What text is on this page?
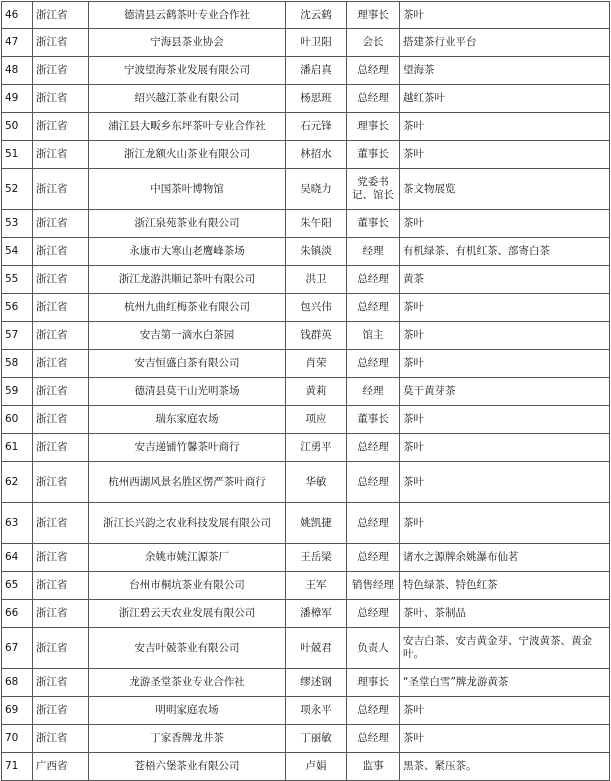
46	浙江省	德清县云鹤茶叶专业合作社	沈云鹤	理事长	茶叶
47	浙江省	宁海县茶业协会	叶卫阳	会长	搭建茶行业平台
48	浙江省	宁波望海茶业发展有限公司	潘启真	总经理	望海茶
49	浙江省	绍兴越江茶业有限公司	杨思班	总经理	越红茶叶
50	浙江省	浦江县大畈乡东坪茶叶专业合作社	石元锋	理事长	茶叶
51	浙江省	浙江龙额火山茶业有限公司	林招水	董事长	茶叶
52	浙江省	中国茶叶博物馆	吴晓力	党委书记、馆长	茶文物展览
53	浙江省	浙江泉苑茶业有限公司	朱午阳	董事长	茶叶
54	浙江省	永康市大寒山老鹰峰茶场	朱镇淡	经理	有机绿茶、有机红茶、部寄白茶
55	浙江省	浙江龙游洪顺记茶叶有限公司	洪卫	总经理	黄茶
56	浙江省	杭州九曲红梅茶业有限公司	包兴伟	总经理	茶叶
57	浙江省	安吉第一滴水白茶园	钱群英	馆主	茶叶
58	浙江省	安吉恒盛白茶有限公司	肖荣	总经理	茶叶
59	浙江省	德清县莫干山光明茶场	黄莉	经理	莫干黄芽茶
60	浙江省	瑞东家庭农场	项应	董事长	茶叶
61	浙江省	安吉递铺竹馨茶叶商行	江勇平	总经理	茶叶
62	浙江省	杭州西湖风景名胜区愣严茶叶商行	华敏	总经理	茶叶
63	浙江省	浙江长兴韵之农业科技发展有限公司	姚凯捷	总经理	茶叶
64	浙江省	余姚市姚江源茶厂	王岳梁	总经理	诸水之源牌余姚瀑布仙茗
65	浙江省	台州市桐坑茶业有限公司	王军	销售经理	特色绿茶、特色红茶
66	浙江省	浙江碧云天农业发展有限公司	潘樟军	总经理	茶叶、茶制品
67	浙江省	安吉叶兢茶业有限公司	叶兢君	负责人	安吉白茶、安吉黄金芽、宁波黄茶、黄金叶。
68	浙江省	龙游圣堂茶业专业合作社	缪述钢	理事长	“圣堂白雪”牌龙游黄茶
69	浙江省	明明家庭农场	项永平	总经理	茶叶
70	浙江省	丁家香牌龙井茶	丁丽敏	总经理	茶叶
71	广西省	苍梧六堡茶业有限公司	卢娟	监事	黑茶、紧压茶。
